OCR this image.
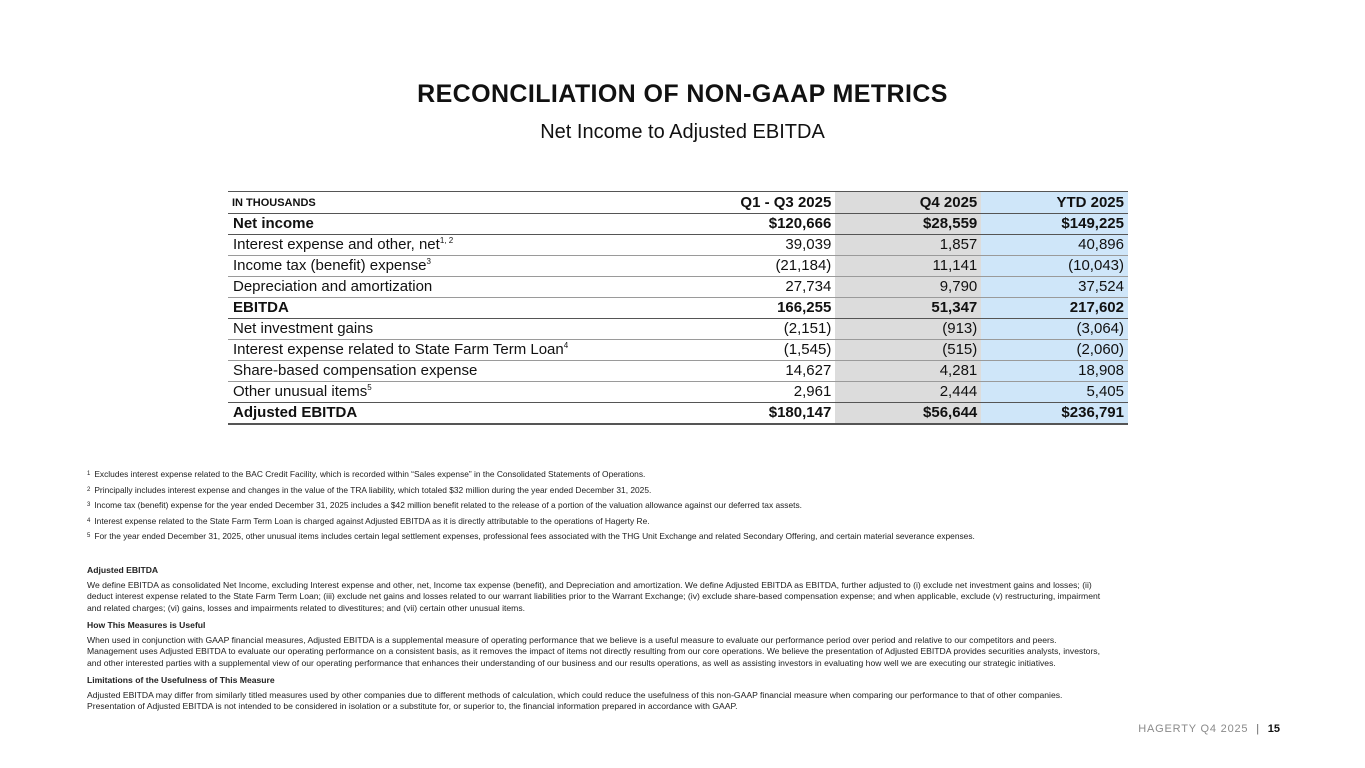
RECONCILIATION OF NON-GAAP METRICS
Net Income to Adjusted EBITDA
IN THOUSANDS	Q1 - Q3 2025	Q4 2025	YTD 2025
Net income	$120,666	$28,559	$149,225
Interest expense and other, net$^{1, 2}$	39,039	1,857	40,896
Income tax (benefit) expense$^3$	(21,184)	11,141	(10,043)
Depreciation and amortization	27,734	9,790	37,524
EBITDA	166,255	51,347	217,602
Net investment gains	(2,151)	(913)	(3,064)
Interest expense related to State Farm Term Loan$^4$	(1,545)	(515)	(2,060)
Share-based compensation expense	14,627	4,281	18,908
Other unusual items$^5$	2,961	2,444	5,405
Adjusted EBITDA	$180,147	$56,644	$236,791
$^1$ Excludes interest expense related to the BAC Credit Facility, which is recorded within “Sales expense” in the Consolidated Statements of Operations.
$^2$ Principally includes interest expense and changes in the value of the TRA liability, which totaled $32 million during the year ended December 31, 2025.
$^3$ Income tax (benefit) expense for the year ended December 31, 2025 includes a $42 million benefit related to the release of a portion of the valuation allowance against our deferred tax assets.
$^4$ Interest expense related to the State Farm Term Loan is charged against Adjusted EBITDA as it is directly attributable to the operations of Hagerty Re.
$^5$ For the year ended December 31, 2025, other unusual items includes certain legal settlement expenses, professional fees associated with the THG Unit Exchange and related Secondary Offering, and certain material severance expenses.
Adjusted EBITDA
We define EBITDA as consolidated Net Income, excluding Interest expense and other, net, Income tax expense (benefit), and Depreciation and amortization. We define Adjusted EBITDA as EBITDA, further adjusted to (i) exclude net investment gains and losses; (ii) deduct interest expense related to the State Farm Term Loan; (iii) exclude net gains and losses related to our warrant liabilities prior to the Warrant Exchange; (iv) exclude share-based compensation expense; and when applicable, exclude (v) restructuring, impairment and related charges; (vi) gains, losses and impairments related to divestitures; and (vii) certain other unusual items.
How This Measures is Useful
When used in conjunction with GAAP financial measures, Adjusted EBITDA is a supplemental measure of operating performance that we believe is a useful measure to evaluate our performance period over period and relative to our competitors and peers. Management uses Adjusted EBITDA to evaluate our operating performance on a consistent basis, as it removes the impact of items not directly resulting from our core operations. We believe the presentation of Adjusted EBITDA provides securities analysts, investors, and other interested parties with a supplemental view of our operating performance that enhances their understanding of our business and our results operations, as well as assisting investors in evaluating how well we are executing our strategic initiatives.
Limitations of the Usefulness of This Measure
Adjusted EBITDA may differ from similarly titled measures used by other companies due to different methods of calculation, which could reduce the usefulness of this non-GAAP financial measure when comparing our performance to that of other companies. Presentation of Adjusted EBITDA is not intended to be considered in isolation or a substitute for, or superior to, the financial information prepared in accordance with GAAP.
HAGERTY Q4 2025 | 15
